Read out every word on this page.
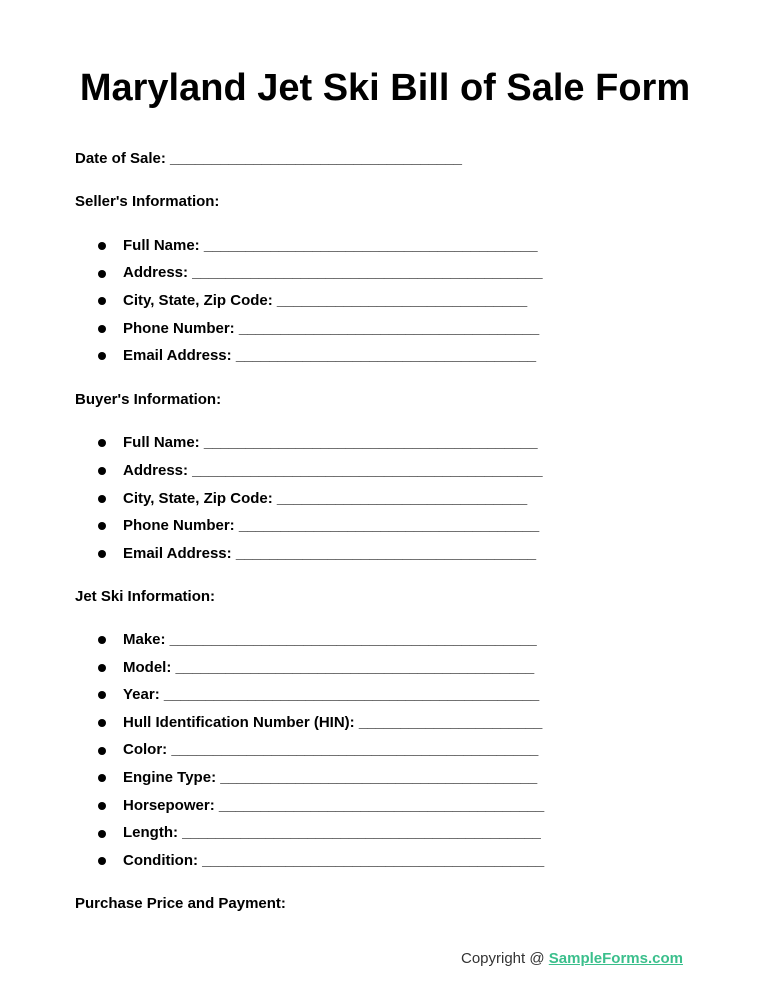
Maryland Jet Ski Bill of Sale Form
Date of Sale: ___________________________________
Seller's Information:
Full Name: ________________________________________
Address: __________________________________________
City, State, Zip Code: ______________________________
Phone Number: ____________________________________
Email Address: ____________________________________
Buyer's Information:
Full Name: ________________________________________
Address: __________________________________________
City, State, Zip Code: ______________________________
Phone Number: ____________________________________
Email Address: ____________________________________
Jet Ski Information:
Make: ____________________________________________
Model: ___________________________________________
Year: _____________________________________________
Hull Identification Number (HIN): ______________________
Color: ____________________________________________
Engine Type: ______________________________________
Horsepower: _______________________________________
Length: ___________________________________________
Condition: _________________________________________
Purchase Price and Payment:
Copyright @ SampleForms.com
